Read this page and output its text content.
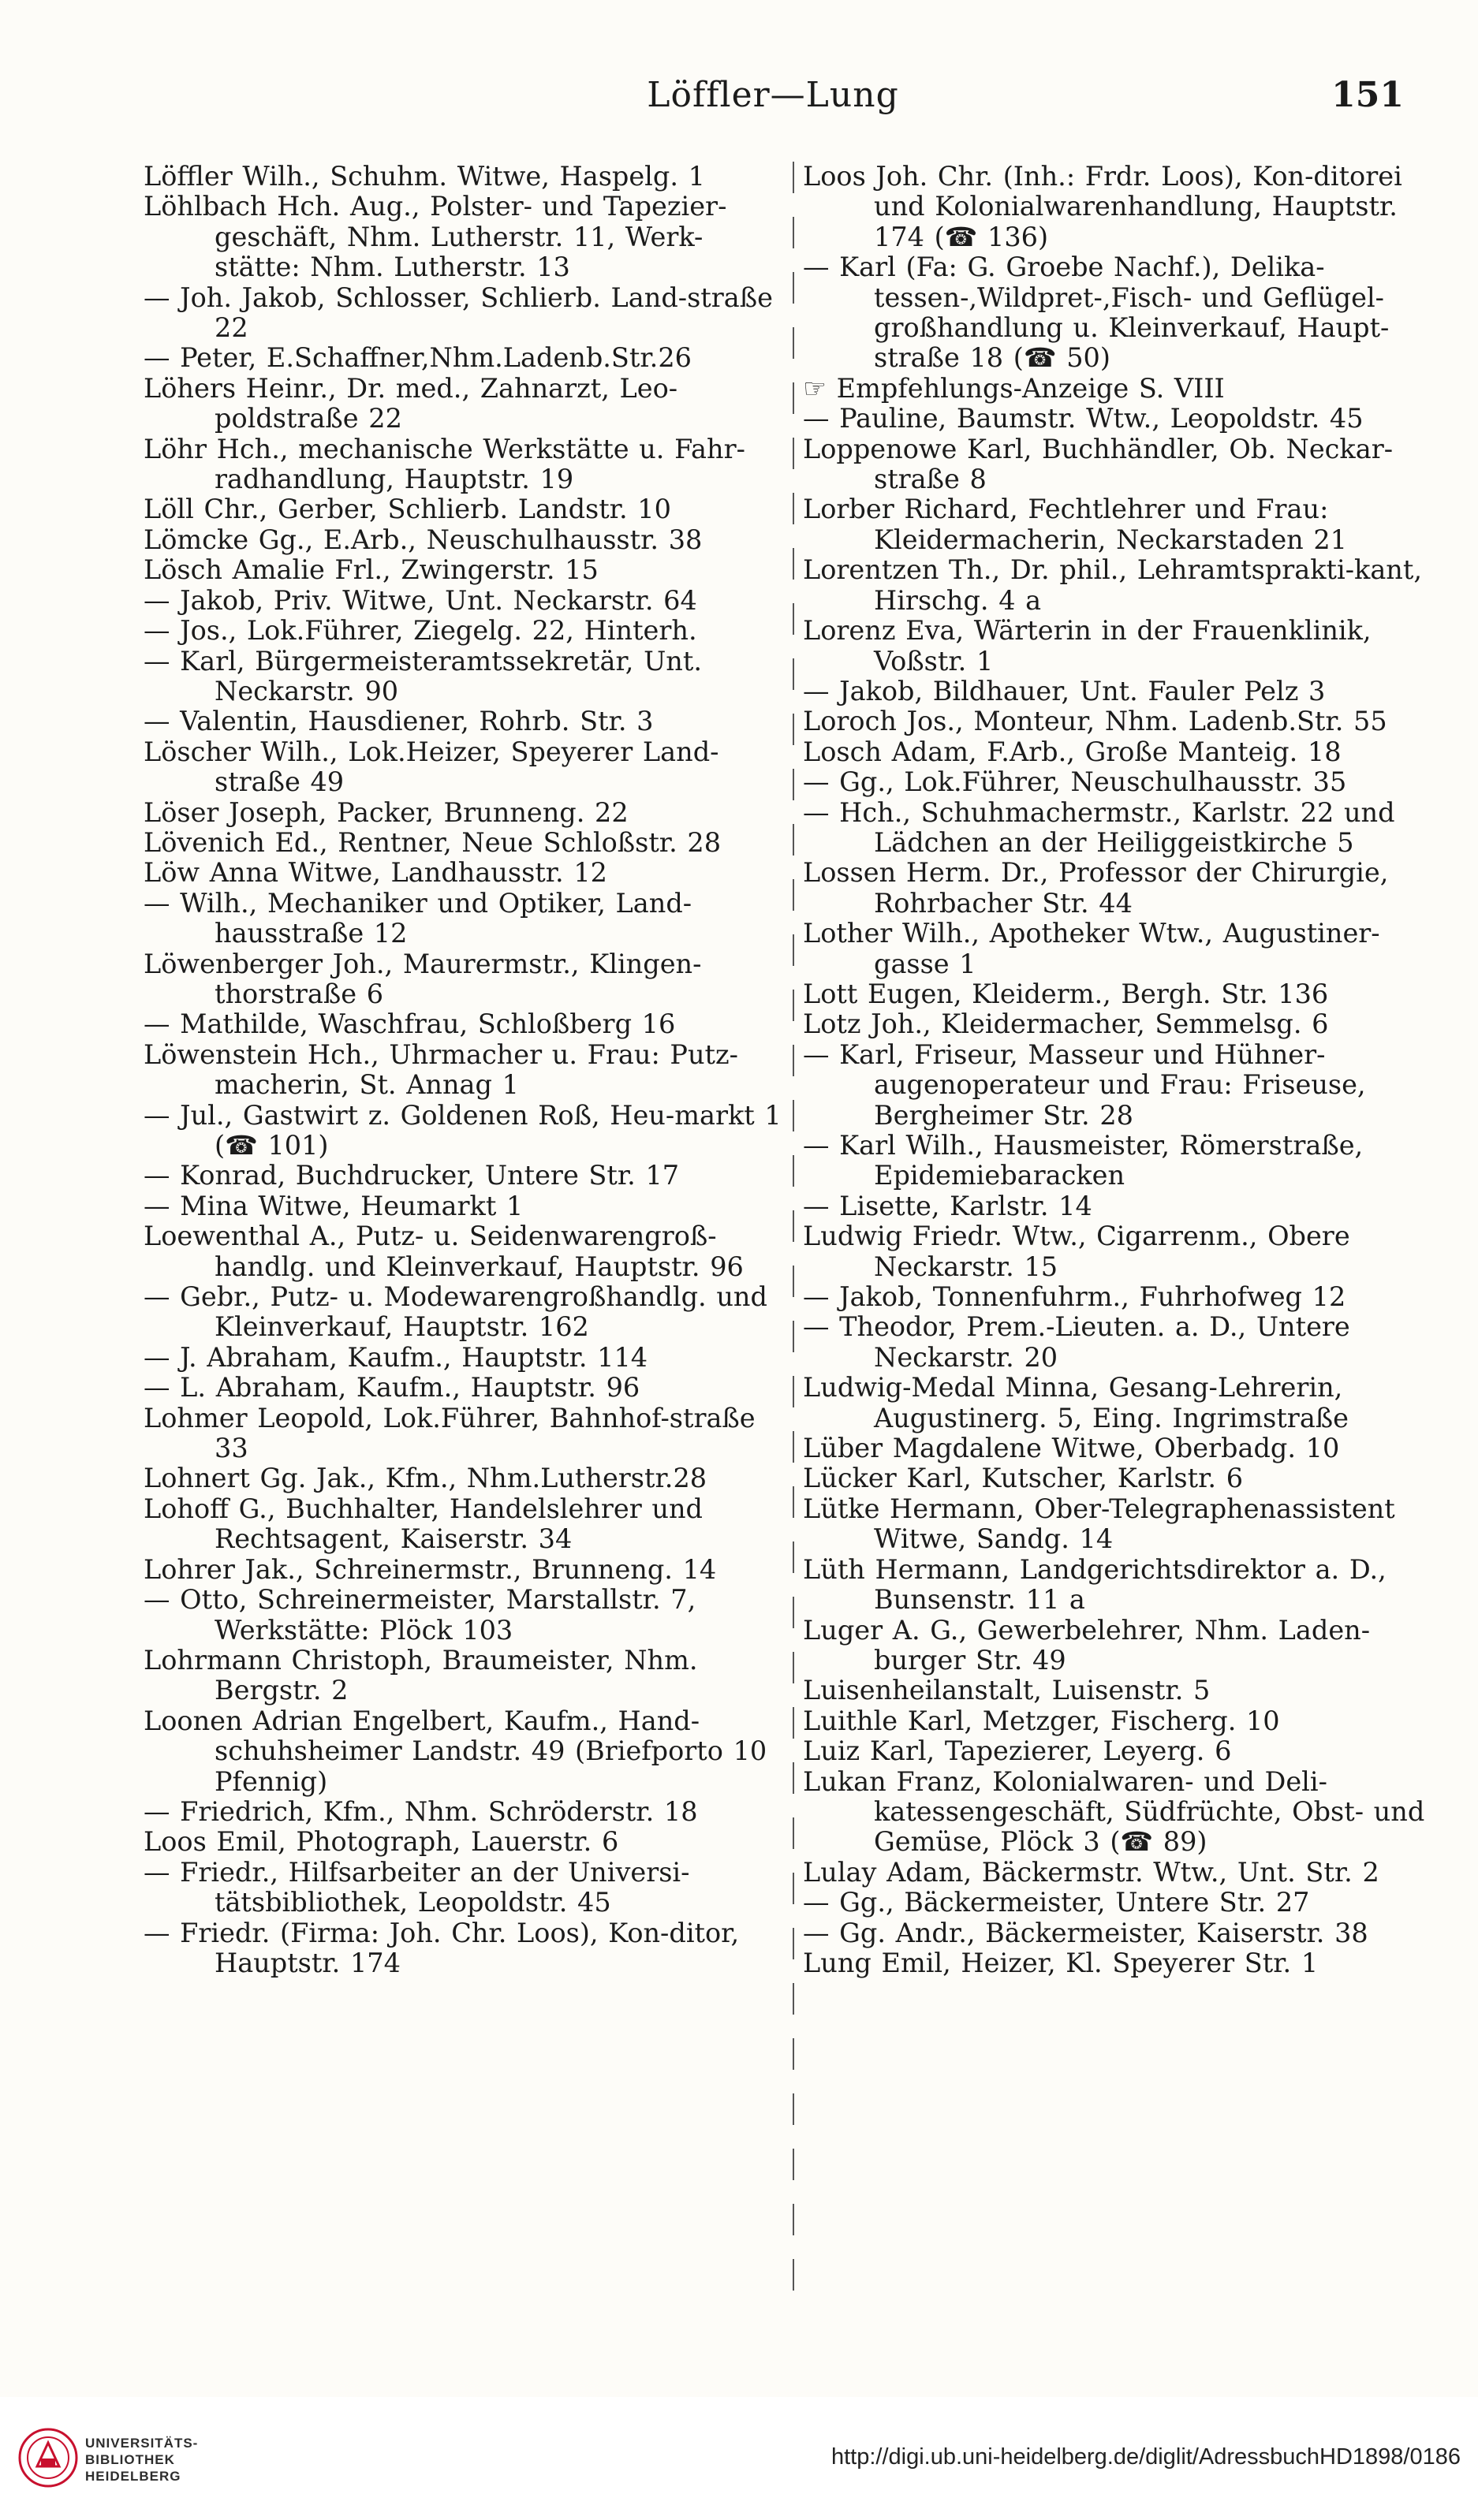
Löffler—Lung	151

Löffler Wilh., Schuhm. Witwe, Haspelg. 1

Löhlbach Hch. Aug., Polster- und Tapezier-geschäft, Nhm. Lutherstr. 11, Werk-stätte: Nhm. Lutherstr. 13

— Joh. Jakob, Schlosser, Schlierb. Land-straße 22

— Peter, E.Schaffner,Nhm.Ladenb.Str.26

Löhers Heinr., Dr. med., Zahnarzt, Leo-poldstraße 22

Löhr Hch., mechanische Werkstätte u. Fahr-radhandlung, Hauptstr. 19

Löll Chr., Gerber, Schlierb. Landstr. 10

Lömcke Gg., E.Arb., Neuschulhausstr. 38

Lösch Amalie Frl., Zwingerstr. 15

— Jakob, Priv. Witwe, Unt. Neckarstr. 64

— Jos., Lok.Führer, Ziegelg. 22, Hinterh.

— Karl, Bürgermeisteramtssekretär, Unt. Neckarstr. 90

— Valentin, Hausdiener, Rohrb. Str. 3

Löscher Wilh., Lok.Heizer, Speyerer Land-straße 49

Löser Joseph, Packer, Brunneng. 22

Lövenich Ed., Rentner, Neue Schloßstr. 28

Löw Anna Witwe, Landhausstr. 12

— Wilh., Mechaniker und Optiker, Land-hausstraße 12

Löwenberger Joh., Maurermstr., Klingen-thorstraße 6

— Mathilde, Waschfrau, Schloßberg 16

Löwenstein Hch., Uhrmacher u. Frau: Putz-macherin, St. Annag 1

— Jul., Gastwirt z. Goldenen Roß, Heu-markt 1 (☎ 101)

— Konrad, Buchdrucker, Untere Str. 17

— Mina Witwe, Heumarkt 1

Loewenthal A., Putz- u. Seidenwarengroß-handlg. und Kleinverkauf, Hauptstr. 96

— Gebr., Putz- u. Modewarengroßhandlg. und Kleinverkauf, Hauptstr. 162

— J. Abraham, Kaufm., Hauptstr. 114

— L. Abraham, Kaufm., Hauptstr. 96

Lohmer Leopold, Lok.Führer, Bahnhof-straße 33

Lohnert Gg. Jak., Kfm., Nhm.Lutherstr.28

Lohoff G., Buchhalter, Handelslehrer und Rechtsagent, Kaiserstr. 34

Lohrer Jak., Schreinermstr., Brunneng. 14

— Otto, Schreinermeister, Marstallstr. 7, Werkstätte: Plöck 103

Lohrmann Christoph, Braumeister, Nhm. Bergstr. 2

Loonen Adrian Engelbert, Kaufm., Hand-schuhsheimer Landstr. 49 (Briefporto 10 Pfennig)

— Friedrich, Kfm., Nhm. Schröderstr. 18

Loos Emil, Photograph, Lauerstr. 6

— Friedr., Hilfsarbeiter an der Universi-tätsbibliothek, Leopoldstr. 45

— Friedr. (Firma: Joh. Chr. Loos), Kon-ditor, Hauptstr. 174

Loos Joh. Chr. (Inh.: Frdr. Loos), Kon-ditorei und Kolonialwarenhandlung, Hauptstr. 174 (☎ 136)

— Karl (Fa: G. Groebe Nachf.), Delika-tessen-,Wildpret-,Fisch- und Geflügel-großhandlung u. Kleinverkauf, Haupt-straße 18 (☎ 50)

☞ Empfehlungs-Anzeige S. VIII

— Pauline, Baumstr. Wtw., Leopoldstr. 45

Loppenowe Karl, Buchhändler, Ob. Neckar-straße 8

Lorber Richard, Fechtlehrer und Frau: Kleidermacherin, Neckarstaden 21

Lorentzen Th., Dr. phil., Lehramtsprakti-kant, Hirschg. 4 a

Lorenz Eva, Wärterin in der Frauenklinik, Voßstr. 1

— Jakob, Bildhauer, Unt. Fauler Pelz 3

Loroch Jos., Monteur, Nhm. Ladenb.Str. 55

Losch Adam, F.Arb., Große Manteig. 18

— Gg., Lok.Führer, Neuschulhausstr. 35

— Hch., Schuhmachermstr., Karlstr. 22 und Lädchen an der Heiliggeistkirche 5

Lossen Herm. Dr., Professor der Chirurgie, Rohrbacher Str. 44

Lother Wilh., Apotheker Wtw., Augustiner-gasse 1

Lott Eugen, Kleiderm., Bergh. Str. 136

Lotz Joh., Kleidermacher, Semmelsg. 6

— Karl, Friseur, Masseur und Hühner-augenoperateur und Frau: Friseuse, Bergheimer Str. 28

— Karl Wilh., Hausmeister, Römerstraße, Epidemiebaracken

— Lisette, Karlstr. 14

Ludwig Friedr. Wtw., Cigarrenm., Obere Neckarstr. 15

— Jakob, Tonnenfuhrm., Fuhrhofweg 12

— Theodor, Prem.-Lieuten. a. D., Untere Neckarstr. 20

Ludwig-Medal Minna, Gesang-Lehrerin, Augustinerg. 5, Eing. Ingrimstraße

Lüber Magdalene Witwe, Oberbadg. 10

Lücker Karl, Kutscher, Karlstr. 6

Lütke Hermann, Ober-Telegraphenassistent Witwe, Sandg. 14

Lüth Hermann, Landgerichtsdirektor a. D., Bunsenstr. 11 a

Luger A. G., Gewerbelehrer, Nhm. Laden-burger Str. 49

Luisenheilanstalt, Luisenstr. 5

Luithle Karl, Metzger, Fischerg. 10

Luiz Karl, Tapezierer, Leyerg. 6

Lukan Franz, Kolonialwaren- und Deli-katessengeschäft, Südfrüchte, Obst- und Gemüse, Plöck 3 (☎ 89)

Lulay Adam, Bäckermstr. Wtw., Unt. Str. 2

— Gg., Bäckermeister, Untere Str. 27

— Gg. Andr., Bäckermeister, Kaiserstr. 38

Lung Emil, Heizer, Kl. Speyerer Str. 1

UNIVERSITÄTS-
BIBLIOTHEK
HEIDELBERG
http://digi.ub.uni-heidelberg.de/diglit/AdressbuchHD1898/0186
